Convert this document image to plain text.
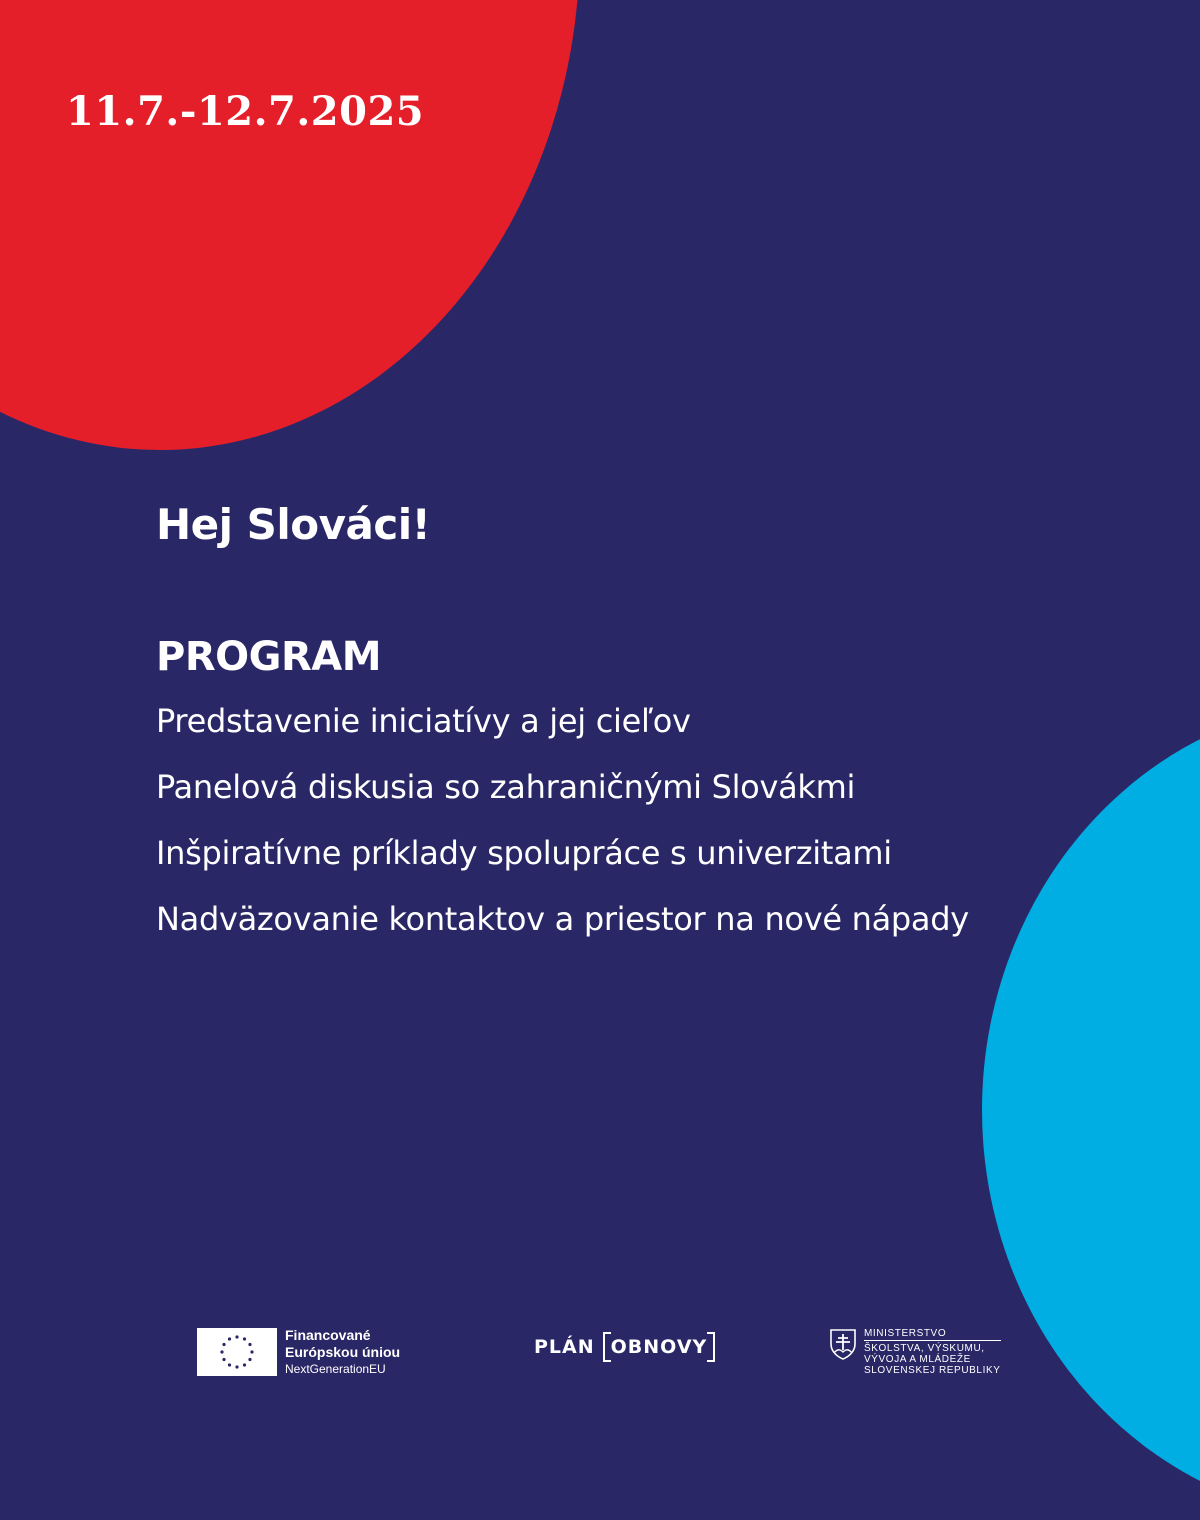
11.7.-12.7.2025

Hej Slováci!
PROGRAM
Predstavenie iniciatívy a jej cieľov
Panelová diskusia so zahraničnými Slovákmi
Inšpiratívne príklady spolupráce s univerzitami
Nadväzovanie kontaktov a priestor na nové nápady
Financované
Európskou úniou
NextGenerationEU
PLÁN OBNOVY
MINISTERSTVO
ŠKOLSTVA, VÝSKUMU,
VÝVOJA A MLÁDEŽE
SLOVENSKEJ REPUBLIKY
